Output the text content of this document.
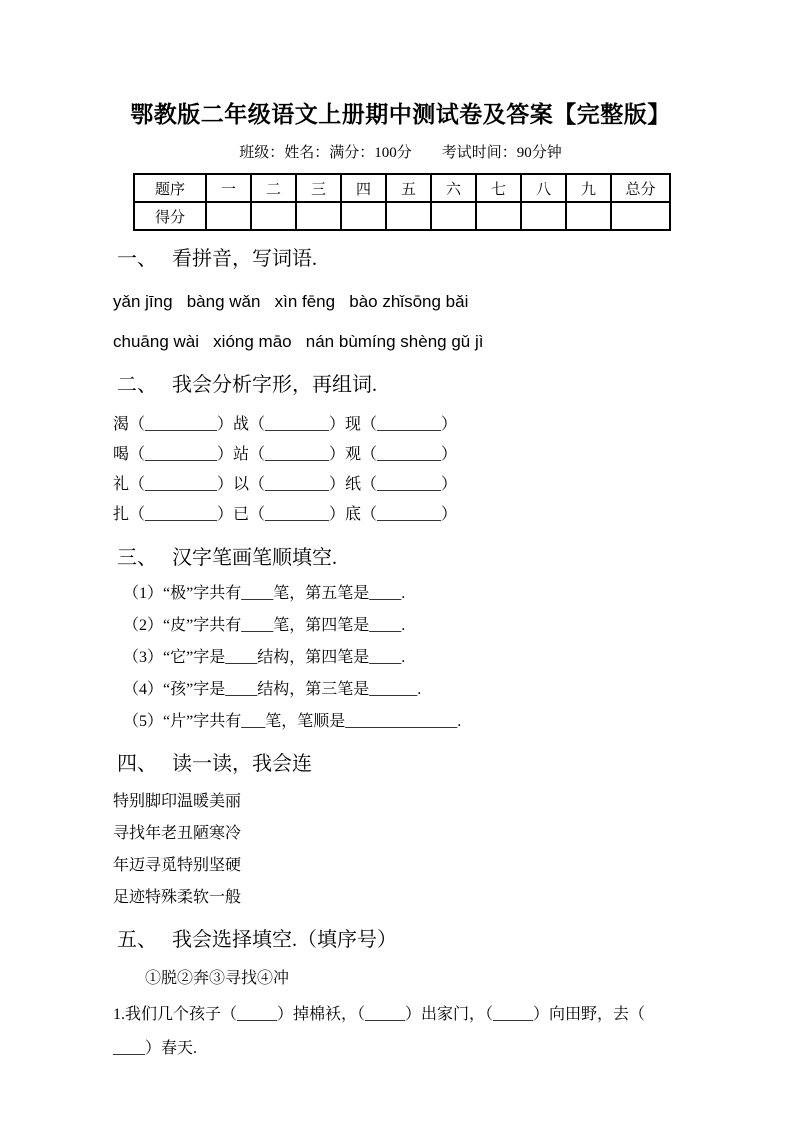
鄂教版二年级语文上册期中测试卷及答案【完整版】
班级：姓名：满分：100分　　考试时间：90分钟
题序	一	二	三	四	五	六	七	八	九	总分
得分										
一、 看拼音，写词语.
yǎn jīng   bàng wǎn   xìn fēng   bào zhǐsōng bǎi
chuāng wài   xióng māo   nán bùmíng shèng gǔ jì
二、 我会分析字形，再组词.
渴（_________）战（________）现（________）
喝（_________）站（________）观（________）
礼（_________）以（________）纸（________）
扎（_________）已（________）底（________）
三、 汉字笔画笔顺填空.
（1）“极”字共有____笔，第五笔是____.
（2）“皮”字共有____笔，第四笔是____.
（3）“它”字是____结构，第四笔是____.
（4）“孩”字是____结构，第三笔是______.
（5）“片”字共有___笔，笔顺是______________.
四、 读一读，我会连
特别脚印温暖美丽
寻找年老丑陋寒冷
年迈寻觅特别坚硬
足迹特殊柔软一般
五、 我会选择填空.（填序号）
①脱②奔③寻找④冲
1.我们几个孩子（_____）掉棉袄，（_____）出家门，（_____）向田野，去（
____）春天.
